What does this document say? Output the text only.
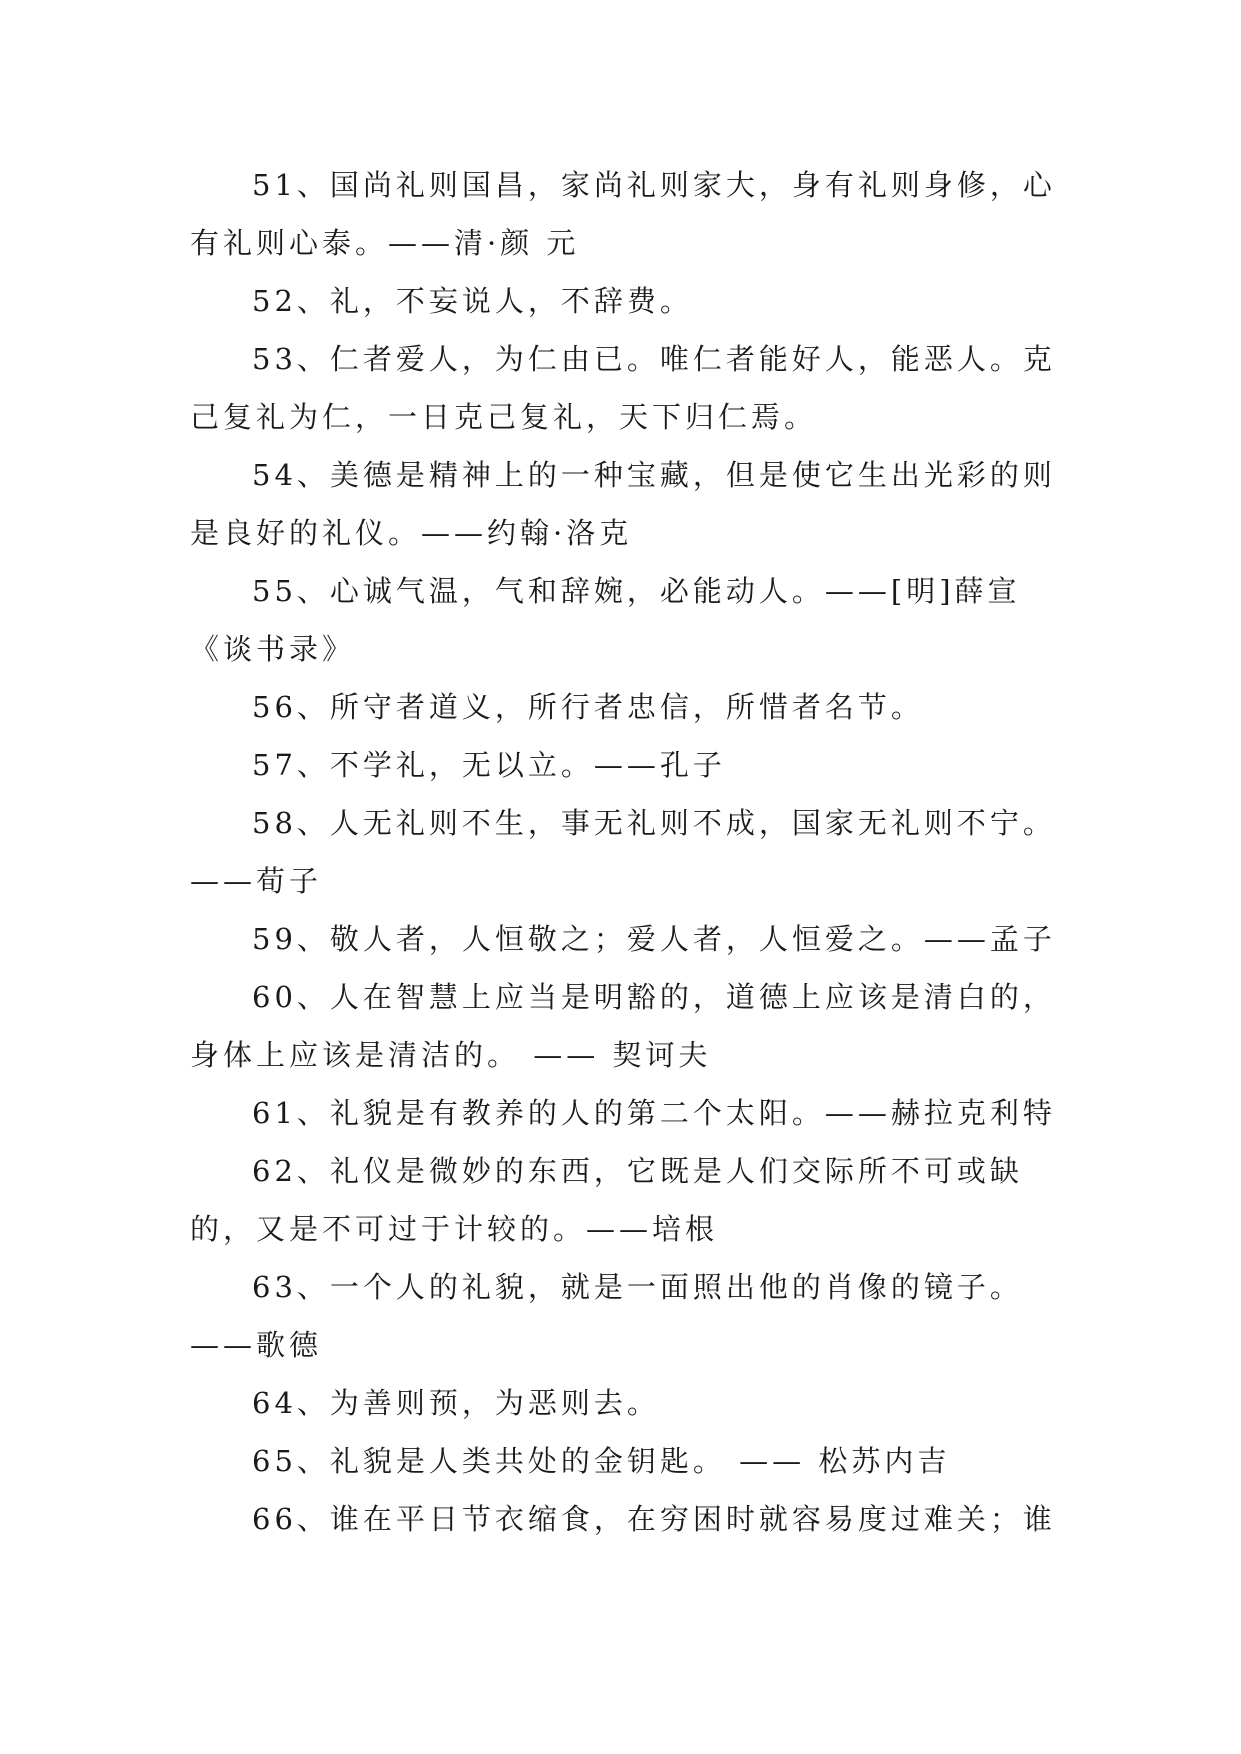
51、国尚礼则国昌，家尚礼则家大，身有礼则身修，心有礼则心泰。——清·颜 元

52、礼，不妄说人，不辞费。

53、仁者爱人，为仁由已。唯仁者能好人，能恶人。克己复礼为仁，一日克己复礼，天下归仁焉。

54、美德是精神上的一种宝藏，但是使它生出光彩的则是良好的礼仪。——约翰·洛克

55、心诚气温，气和辞婉，必能动人。——[明]薛宣《谈书录》

56、所守者道义，所行者忠信，所惜者名节。

57、不学礼，无以立。——孔子

58、人无礼则不生，事无礼则不成，国家无礼则不宁。——荀子

59、敬人者，人恒敬之；爱人者，人恒爱之。——孟子

60、人在智慧上应当是明豁的，道德上应该是清白的，身体上应该是清洁的。 —— 契诃夫

61、礼貌是有教养的人的第二个太阳。——赫拉克利特

62、礼仪是微妙的东西，它既是人们交际所不可或缺的，又是不可过于计较的。——培根

63、一个人的礼貌，就是一面照出他的肖像的镜子。——歌德

64、为善则预，为恶则去。

65、礼貌是人类共处的金钥匙。 —— 松苏内吉

66、谁在平日节衣缩食，在穷困时就容易度过难关；谁
